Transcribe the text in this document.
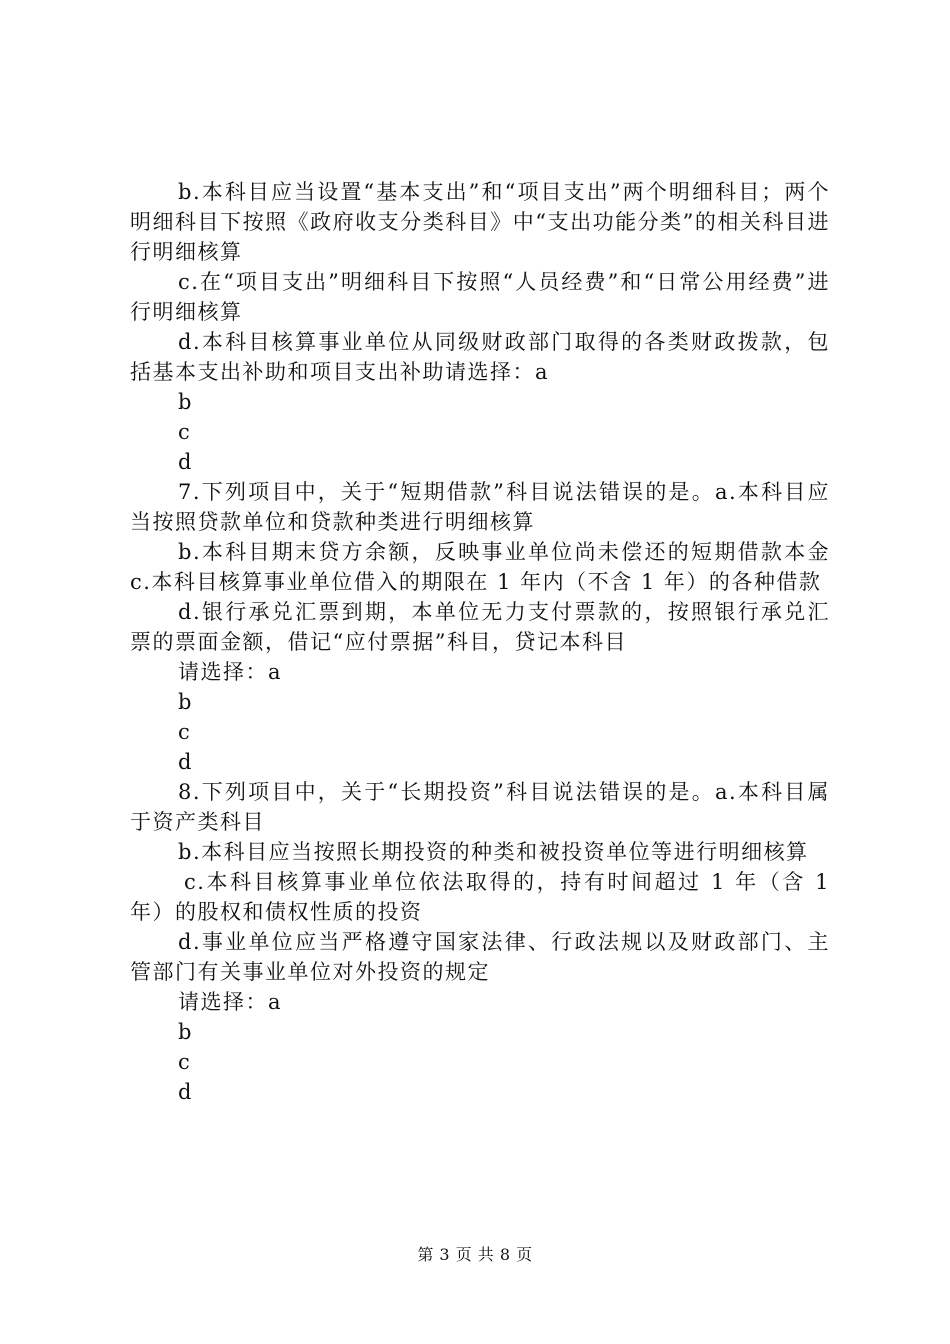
b.本科目应当设置“基本支出”和“项目支出”两个明细科目；两个明细科目下按照《政府收支分类科目》中“支出功能分类”的相关科目进行明细核算

c.在“项目支出”明细科目下按照“人员经费”和“日常公用经费”进行明细核算

d.本科目核算事业单位从同级财政部门取得的各类财政拨款，包括基本支出补助和项目支出补助请选择：a

b

c

d

7.下列项目中，关于“短期借款”科目说法错误的是。a.本科目应当按照贷款单位和贷款种类进行明细核算

b.本科目期末贷方余额，反映事业单位尚未偿还的短期借款本金 c.本科目核算事业单位借入的期限在 1 年内（不含 1 年）的各种借款

d.银行承兑汇票到期，本单位无力支付票款的，按照银行承兑汇票的票面金额，借记“应付票据”科目，贷记本科目

请选择：a

b

c

d

8.下列项目中，关于“长期投资”科目说法错误的是。a.本科目属于资产类科目

b.本科目应当按照长期投资的种类和被投资单位等进行明细核算

c.本科目核算事业单位依法取得的，持有时间超过 1 年（含 1 年）的股权和债权性质的投资

d.事业单位应当严格遵守国家法律、行政法规以及财政部门、主管部门有关事业单位对外投资的规定

请选择：a

b

c

d

第 3 页 共 8 页
